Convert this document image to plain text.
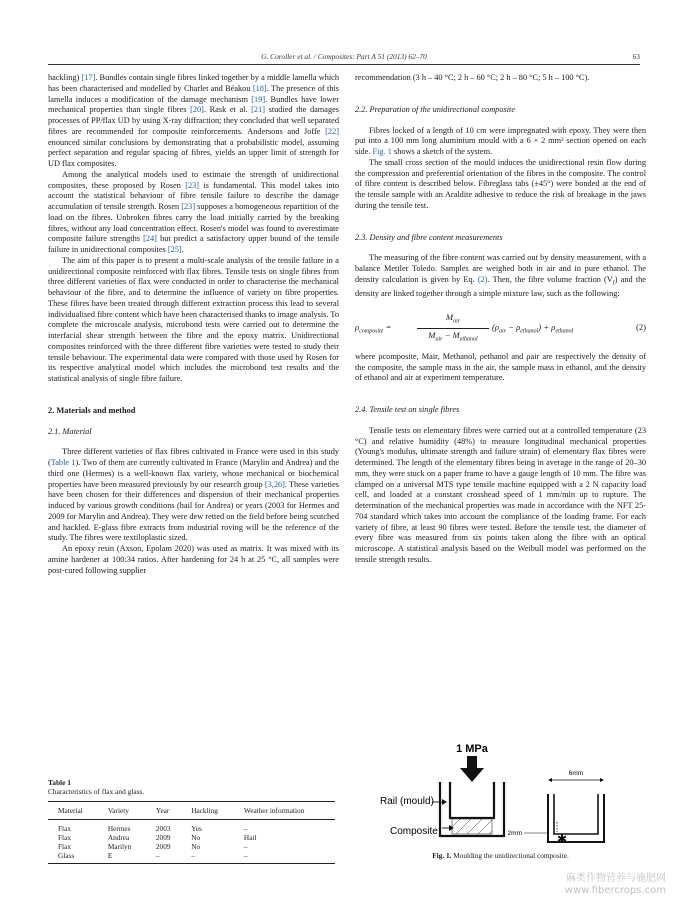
G. Coroller et al. / Composites: Part A 51 (2013) 62–70	63

hackling) [17]. Bundles contain single fibres linked together by a middle lamella which has been characterised and modelled by Charlet and Béakou [18]. The presence of this lamella induces a modification of the damage mechanism [19]. Bundles have lower mechanical properties than single fibres [20]. Rask et al. [21] studied the damages processes of PP/flax UD by using X-ray diffraction; they concluded that well separated fibres are recommended for composite reinforcements. Andersons and Joffe [22] enounced similar conclusions by demonstrating that a probabilistic model, assuming perfect separation and regular spacing of fibres, yields an upper limit of strength for UD flax composites.

Among the analytical models used to estimate the strength of unidirectional composites, these proposed by Rosen [23] is fundamental. This model takes into account the statistical behaviour of fibre tensile failure to describe the damage accumulation of tensile strength. Rosen [23] supposes a homogeneous repartition of the load on the fibres. Unbroken fibres carry the load initially carried by the breaking fibres, without any load concentration effect. Rosen's model was found to overestimate composite failure strengths [24] but predict a satisfactory upper bound of the tensile failure in unidirectional composites [25].

The aim of this paper is to present a multi-scale analysis of the tensile failure in a unidirectional composite reinforced with flax fibres. Tensile tests on single fibres from three different varieties of flax were conducted in order to characterise the mechanical behaviour of the fibre, and to determine the influence of variety on fibre properties. These fibres have been treated through different extraction process this lead to several individualised fibre content which have been characterised thanks to image analysis. To complete the microscale analysis, microbond tests were carried out to determine the interfacial shear strength between the fibre and the epoxy matrix. Unidirectional composites reinforced with the three different fibre varieties were tested to study their tensile behaviour. The experimental data were compared with those used by Rosen for its respective analytical model which includes the microbond test results and the statistical analysis of single fibre failure.

2. Materials and method
2.1. Material

Three different varieties of flax fibres cultivated in France were used in this study (Table 1). Two of them are currently cultivated in France (Marylin and Andrea) and the third one (Hermes) is a well-known flax variety, whose mechanical or biochemical properties have been measured previously by our research group [3,26]. These varieties have been chosen for their differences and dispersion of their mechanical properties induced by various growth conditions (hail for Andrea) or years (2003 for Hermes and 2009 for Marylin and Andrea). They were dew retted on the field before being scutched and hackled. E-glass fibre extracts from industrial roving will be the reference of the study. The fibres were textiloplastic sized.

An epoxy resin (Axson, Epolam 2020) was used as matrix. It was mixed with its amine hardener at 100:34 ratios. After hardening for 24 h at 25 °C, all samples were post-cured following supplier

Table 1
Characteristics of flax and glass.
Material	Variety	Year	Hackling	Weather information
Flax	Hermes	2003	Yes	–
Flax	Andrea	2009	No	Hail
Flax	Marilyn	2009	No	–
Glass	E	–	–	–

recommendation (3 h – 40 °C; 2 h – 60 °C; 2 h – 80 °C; 5 h – 100 °C).

2.2. Preparation of the unidirectional composite

Fibres locked of a length of 10 cm were impregnated with epoxy. They were then put into a 100 mm long aluminium mould with a 6 × 2 mm² section opened on each side. Fig. 1 shows a sketch of the system.

The small cross section of the mould induces the unidirectional resin flow during the compression and preferential orientation of the fibres in the composite. The control of fibre content is described below. Fibreglass tabs (±45°) were bonded at the end of the tensile sample with an Araldite adhesive to reduce the risk of breakage in the jaws during the tensile test.

2.3. Density and fibre content measurements

The measuring of the fibre content was carried out by density measurement, with a balance Mettler Toledo. Samples are weighed both in air and in pure ethanol. The density calculation is given by Eq. (2). Then, the fibre volume fraction $(V_f)$ and the density are linked together through a simple mixture law, such as the following:

$\rho_{composite}$ =
$M_{air}$
$M_{air} - M_{ethanol}$
$(\rho_{air} - \rho_{ethanol}) + \rho_{ethanol}$	(2)

where ρcomposite, Mair, Methanol, ρethanol and ρair are respectively the density of the composite, the sample mass in the air, the sample mass in ethanol, and the density of ethanol and air at experiment temperature.

2.4. Tensile test on single fibres

Tensile tests on elementary fibres were carried out at a controlled temperature (23 °C) and relative humidity (48%) to measure longitudinal mechanical properties (Young's modulus, ultimate strength and failure strain) of elementary flax fibres were determined. The length of the elementary fibres being in average in the range of 20–30 mm, they were stuck on a paper frame to have a gauge length of 10 mm. The fibre was clamped on a universal MTS type tensile machine equipped with a 2 N capacity load cell, and loaded at a constant crosshead speed of 1 mm/min up to rupture. The determination of the mechanical properties was made in accordance with the NFT 25-704 standard which takes into account the compliance of the loading frame. For each variety of fibre, at least 90 fibres were tested. Before the tensile test, the diameter of every fibre was measured from six points taken along the fibre with an optical microscope. A statistical analysis based on the Weibull model was performed on the tensile strength results.

1 MPa
Rail (mould)
Composite
6mm
2mm	✱
Fig. 1. Moulding the unidirectional composite.
麻类作物营养与施肥网
www.fibercrops.com
